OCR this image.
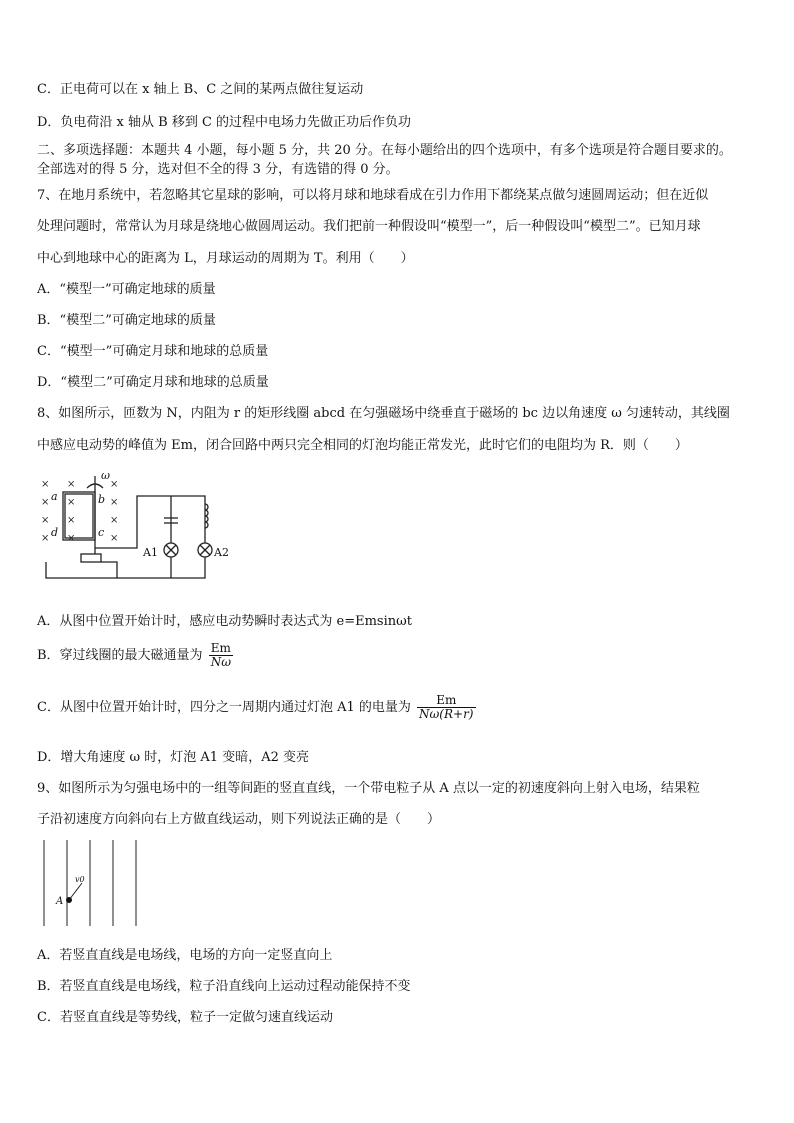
C．正电荷可以在 x 轴上 B、C 之间的某两点做往复运动
D．负电荷沿 x 轴从 B 移到 C 的过程中电场力先做正功后作负功
二、多项选择题：本题共 4 小题，每小题 5 分，共 20 分。在每小题给出的四个选项中，有多个选项是符合题目要求的。
全部选对的得 5 分，选对但不全的得 3 分，有选错的得 0 分。
7、在地月系统中，若忽略其它星球的影响，可以将月球和地球看成在引力作用下都绕某点做匀速圆周运动；但在近似
处理问题时，常常认为月球是绕地心做圆周运动。我们把前一种假设叫“模型一”，后一种假设叫“模型二”。已知月球
中心到地球中心的距离为 L，月球运动的周期为 T。利用（　　）
A．“模型一”可确定地球的质量
B．“模型二”可确定地球的质量
C．“模型一”可确定月球和地球的总质量
D．“模型二”可确定月球和地球的总质量
8、如图所示，匝数为 N，内阻为 r 的矩形线圈 abcd 在匀强磁场中绕垂直于磁场的 bc 边以角速度 ω 匀速转动，其线圈
中感应电动势的峰值为 Em，闭合回路中两只完全相同的灯泡均能正常发光，此时它们的电阻均为 R．则（　　）
×
×
×
×
×
×
×
×
×
×
×
×
ω
a	b
c
d
A1	A2
A．从图中位置开始计时，感应电动势瞬时表达式为 e=Emsinωt
B．穿过线圈的最大磁通量为 $\frac{Em}{N\omega}$
C．从图中位置开始计时，四分之一周期内通过灯泡 A1 的电量为 $\frac{Em}{N\omega(R+r)}$
D．增大角速度 ω 时，灯泡 A1 变暗，A2 变亮
9、如图所示为匀强电场中的一组等间距的竖直直线，一个带电粒子从 A 点以一定的初速度斜向上射入电场，结果粒
子沿初速度方向斜向右上方做直线运动，则下列说法正确的是（　　）
A
v0
A．若竖直直线是电场线，电场的方向一定竖直向上
B．若竖直直线是电场线，粒子沿直线向上运动过程动能保持不变
C．若竖直直线是等势线，粒子一定做匀速直线运动
